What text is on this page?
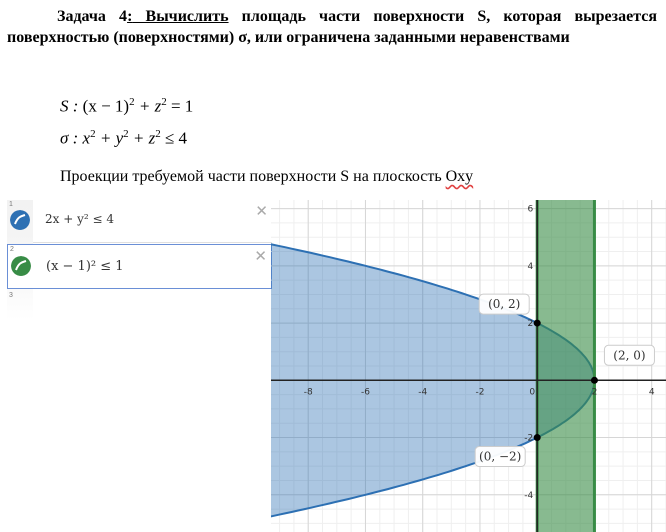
Задача 4: Вычислить площадь части поверхности S, которая вырезается поверхностью (поверхностями) σ, или ограничена заданными неравенствами
S : $(x - 1)^2 + z^2 = 1$
σ : $x^2 + y^2 + z^2 \le 4$
Проекции требуемой части поверхности S на плоскость Oxy
1
2x + y² ≤ 4	✕
2
(x − 1)² ≤ 1
✕
3
-8	-6	-4	-2	0	2	4
6
4
2
-2
-4
(0, 2)
(2, 0)
(0, −2)
